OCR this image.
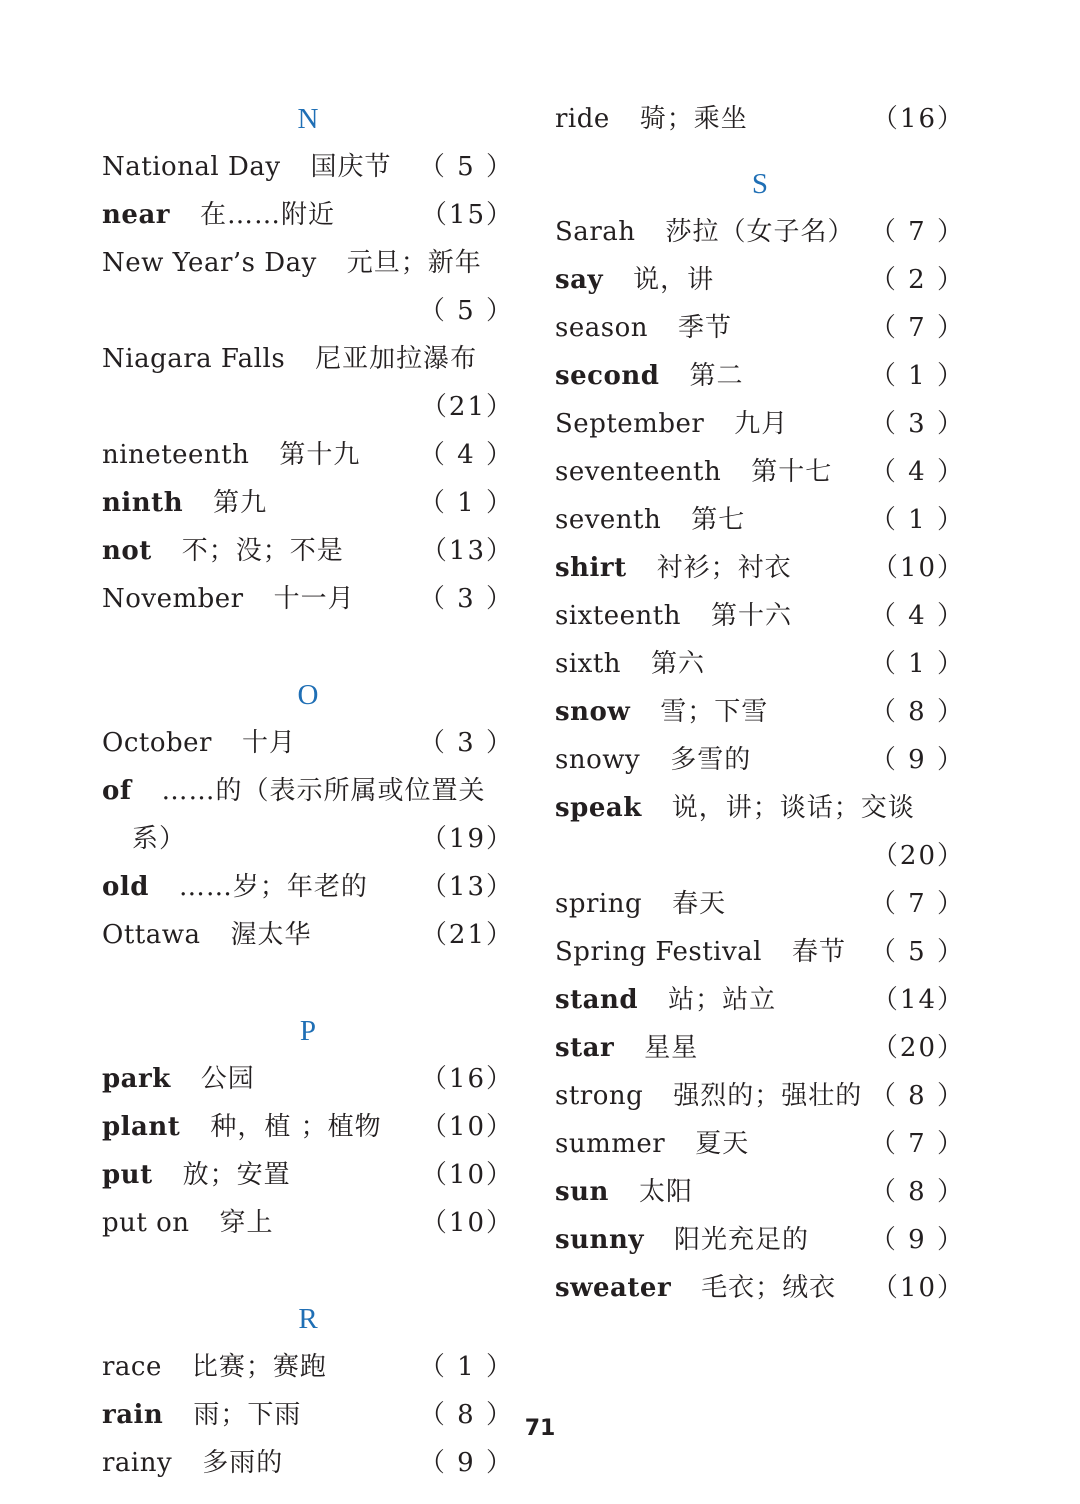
N
National Day 国庆节 （ 5 ）
near 在……附近	（15）
New Year’s Day 元旦；新年
（ 5 ）
Niagara Falls 尼亚加拉瀑布
（21）
nineteenth 第十九 （ 4 ）
ninth 第九	（ 1 ）
not 不；没；不是	（13）
November 十一月 （ 3 ）
O
October 十月	（ 3 ）
of ……的（表示所属或位置关
系）	（19）
old ……岁；年老的 （13）
Ottawa 渥太华	（21）
P
park 公园	（16）
plant 种，植 ；植物 （10）
put 放；安置	（10）
put on 穿上	（10）
R
race 比赛；赛跑	（ 1 ）
rain 雨；下雨	（ 8 ）
rainy 多雨的	（ 9 ）
ride 骑；乘坐	（16）
S
Sarah 莎拉（女子名） （ 7 ）
say 说，讲	（ 2 ）
season 季节	（ 7 ）
second 第二	（ 1 ）
September 九月	（ 3 ）
seventeenth 第十七 （ 4 ）
seventh 第七	（ 1 ）
shirt 衬衫；衬衣	（10）
sixteenth 第十六	（ 4 ）
sixth 第六	（ 1 ）
snow 雪；下雪	（ 8 ）
snowy 多雪的	（ 9 ）
speak 说，讲；谈话；交谈
（20）
spring 春天	（ 7 ）
Spring Festival 春节 （ 5 ）
stand 站；站立	（14）
star 星星	（20）
strong 强烈的；强壮的 （ 8 ）
summer 夏天	（ 7 ）
sun 太阳	（ 8 ）
sunny 阳光充足的 （ 9 ）
sweater 毛衣；绒衣 （10）
71
